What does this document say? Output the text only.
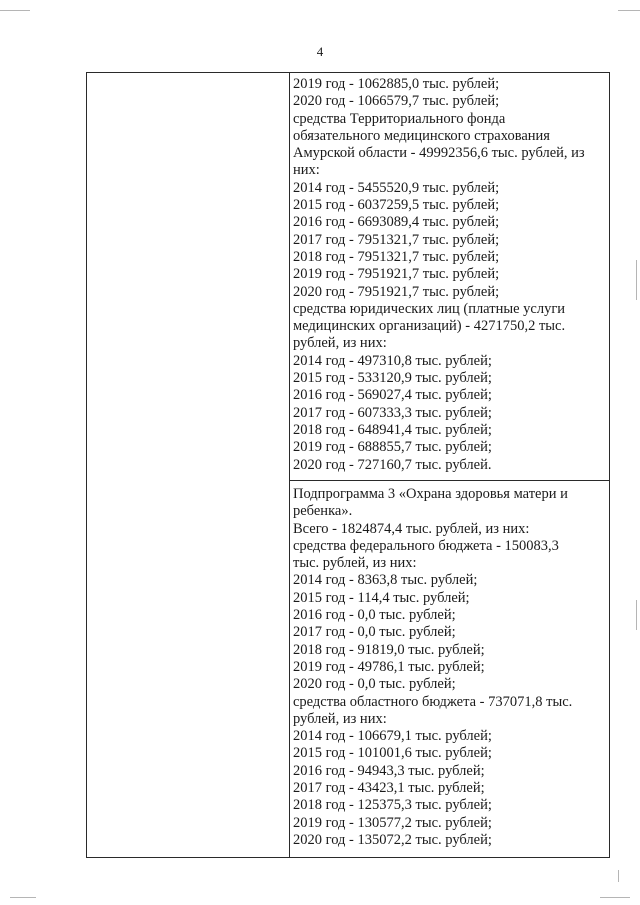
4
2019 год - 1062885,0 тыс. рублей;
2020 год - 1066579,7 тыс. рублей;
средства Территориального фонда
обязательного медицинского страхования
Амурской области - 49992356,6 тыс. рублей, из
них:
2014 год - 5455520,9 тыс. рублей;
2015 год - 6037259,5 тыс. рублей;
2016 год - 6693089,4 тыс. рублей;
2017 год - 7951321,7 тыс. рублей;
2018 год - 7951321,7 тыс. рублей;
2019 год - 7951921,7 тыс. рублей;
2020 год - 7951921,7 тыс. рублей;
средства юридических лиц (платные услуги
медицинских организаций) - 4271750,2 тыс.
рублей, из них:
2014 год - 497310,8 тыс. рублей;
2015 год - 533120,9 тыс. рублей;
2016 год - 569027,4 тыс. рублей;
2017 год - 607333,3 тыс. рублей;
2018 год - 648941,4 тыс. рублей;
2019 год - 688855,7 тыс. рублей;
2020 год - 727160,7 тыс. рублей.
Подпрограмма 3 «Охрана здоровья матери и
ребенка».
Всего - 1824874,4 тыс. рублей, из них:
средства федерального бюджета - 150083,3
тыс. рублей, из них:
2014 год - 8363,8 тыс. рублей;
2015 год - 114,4 тыс. рублей;
2016 год - 0,0 тыс. рублей;
2017 год - 0,0 тыс. рублей;
2018 год - 91819,0 тыс. рублей;
2019 год - 49786,1 тыс. рублей;
2020 год - 0,0 тыс. рублей;
средства областного бюджета - 737071,8 тыс.
рублей, из них:
2014 год - 106679,1 тыс. рублей;
2015 год - 101001,6 тыс. рублей;
2016 год - 94943,3 тыс. рублей;
2017 год - 43423,1 тыс. рублей;
2018 год - 125375,3 тыс. рублей;
2019 год - 130577,2 тыс. рублей;
2020 год - 135072,2 тыс. рублей;
